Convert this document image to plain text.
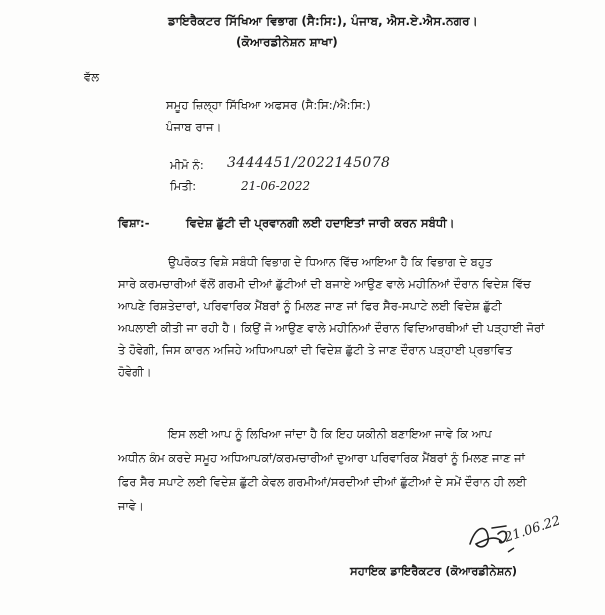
ਡਾਇਰੈਕਟਰ ਸਿੱਖਿਆ ਵਿਭਾਗ (ਸੈ:ਸਿ:), ਪੰਜਾਬ, ਐਸ.ਏ.ਐਸ.ਨਗਰ।
(ਕੋਆਰਡੀਨੇਸ਼ਨ ਸ਼ਾਖਾ)
ਵੱਲ
ਸਮੂਹ ਜ਼ਿਲ੍ਹਾ ਸਿੱਖਿਆ ਅਫਸਰ (ਸੈ:ਸਿ:/ਐ:ਸਿ:)
ਪੰਜਾਬ ਰਾਜ।
ਮੀਮੋ ਨੰ: 3444451/2022145078
ਮਿਤੀ:	21-06-2022
ਵਿਸ਼ਾ:-	ਵਿਦੇਸ਼ ਛੁੱਟੀ ਦੀ ਪ੍ਰਵਾਨਗੀ ਲਈ ਹਦਾਇਤਾਂ ਜਾਰੀ ਕਰਨ ਸਬੰਧੀ।
ਉਪਰੋਕਤ ਵਿਸ਼ੇ ਸਬੰਧੀ ਵਿਭਾਗ ਦੇ ਧਿਆਨ ਵਿੱਚ ਆਇਆ ਹੈ ਕਿ ਵਿਭਾਗ ਦੇ ਬਹੁਤ
ਸਾਰੇ ਕਰਮਚਾਰੀਆਂ ਵੱਲੋਂ ਗਰਮੀ ਦੀਆਂ ਛੁੱਟੀਆਂ ਦੀ ਬਜਾਏ ਆਉਣ ਵਾਲੇ ਮਹੀਨਿਆਂ ਦੌਰਾਨ ਵਿਦੇਸ਼ ਵਿੱਚ
ਆਪਣੇ ਰਿਸ਼ਤੇਦਾਰਾਂ, ਪਰਿਵਾਰਿਕ ਮੈਂਬਰਾਂ ਨੂੰ ਮਿਲਣ ਜਾਣ ਜਾਂ ਫਿਰ ਸੈਰ-ਸਪਾਟੇ ਲਈ ਵਿਦੇਸ਼ ਛੁੱਟੀ
ਅਪਲਾਈ ਕੀਤੀ ਜਾ ਰਹੀ ਹੈ। ਕਿਉਂ ਜੋ ਆਉਣ ਵਾਲੇ ਮਹੀਨਿਆਂ ਦੌਰਾਨ ਵਿਦਿਆਰਥੀਆਂ ਦੀ ਪੜ੍ਹਾਈ ਜੋਰਾਂ
ਤੇ ਹੋਵੇਗੀ, ਜਿਸ ਕਾਰਨ ਅਜਿਹੇ ਅਧਿਆਪਕਾਂ ਦੀ ਵਿਦੇਸ਼ ਛੁੱਟੀ ਤੇ ਜਾਣ ਦੌਰਾਨ ਪੜ੍ਹਾਈ ਪ੍ਰਭਾਵਿਤ
ਹੋਵੇਗੀ।
ਇਸ ਲਈ ਆਪ ਨੂੰ ਲਿਖਿਆ ਜਾਂਦਾ ਹੈ ਕਿ ਇਹ ਯਕੀਨੀ ਬਣਾਇਆ ਜਾਵੇ ਕਿ ਆਪ
ਅਧੀਨ ਕੰਮ ਕਰਦੇ ਸਮੂਹ ਅਧਿਆਪਕਾਂ/ਕਰਮਚਾਰੀਆਂ ਦੁਆਰਾ ਪਰਿਵਾਰਿਕ ਮੈਂਬਰਾਂ ਨੂੰ ਮਿਲਣ ਜਾਣ ਜਾਂ
ਫਿਰ ਸੈਰ ਸਪਾਟੇ ਲਈ ਵਿਦੇਸ਼ ਛੁੱਟੀ ਕੇਵਲ ਗਰਮੀਆਂ/ਸਰਦੀਆਂ ਦੀਆਂ ਛੁੱਟੀਆਂ ਦੇ ਸਮੇਂ ਦੌਰਾਨ ਹੀ ਲਈ
ਜਾਵੇ।
21.06.22
ਸਹਾਇਕ ਡਾਇਰੈਕਟਰ (ਕੋਆਰਡੀਨੇਸ਼ਨ)
